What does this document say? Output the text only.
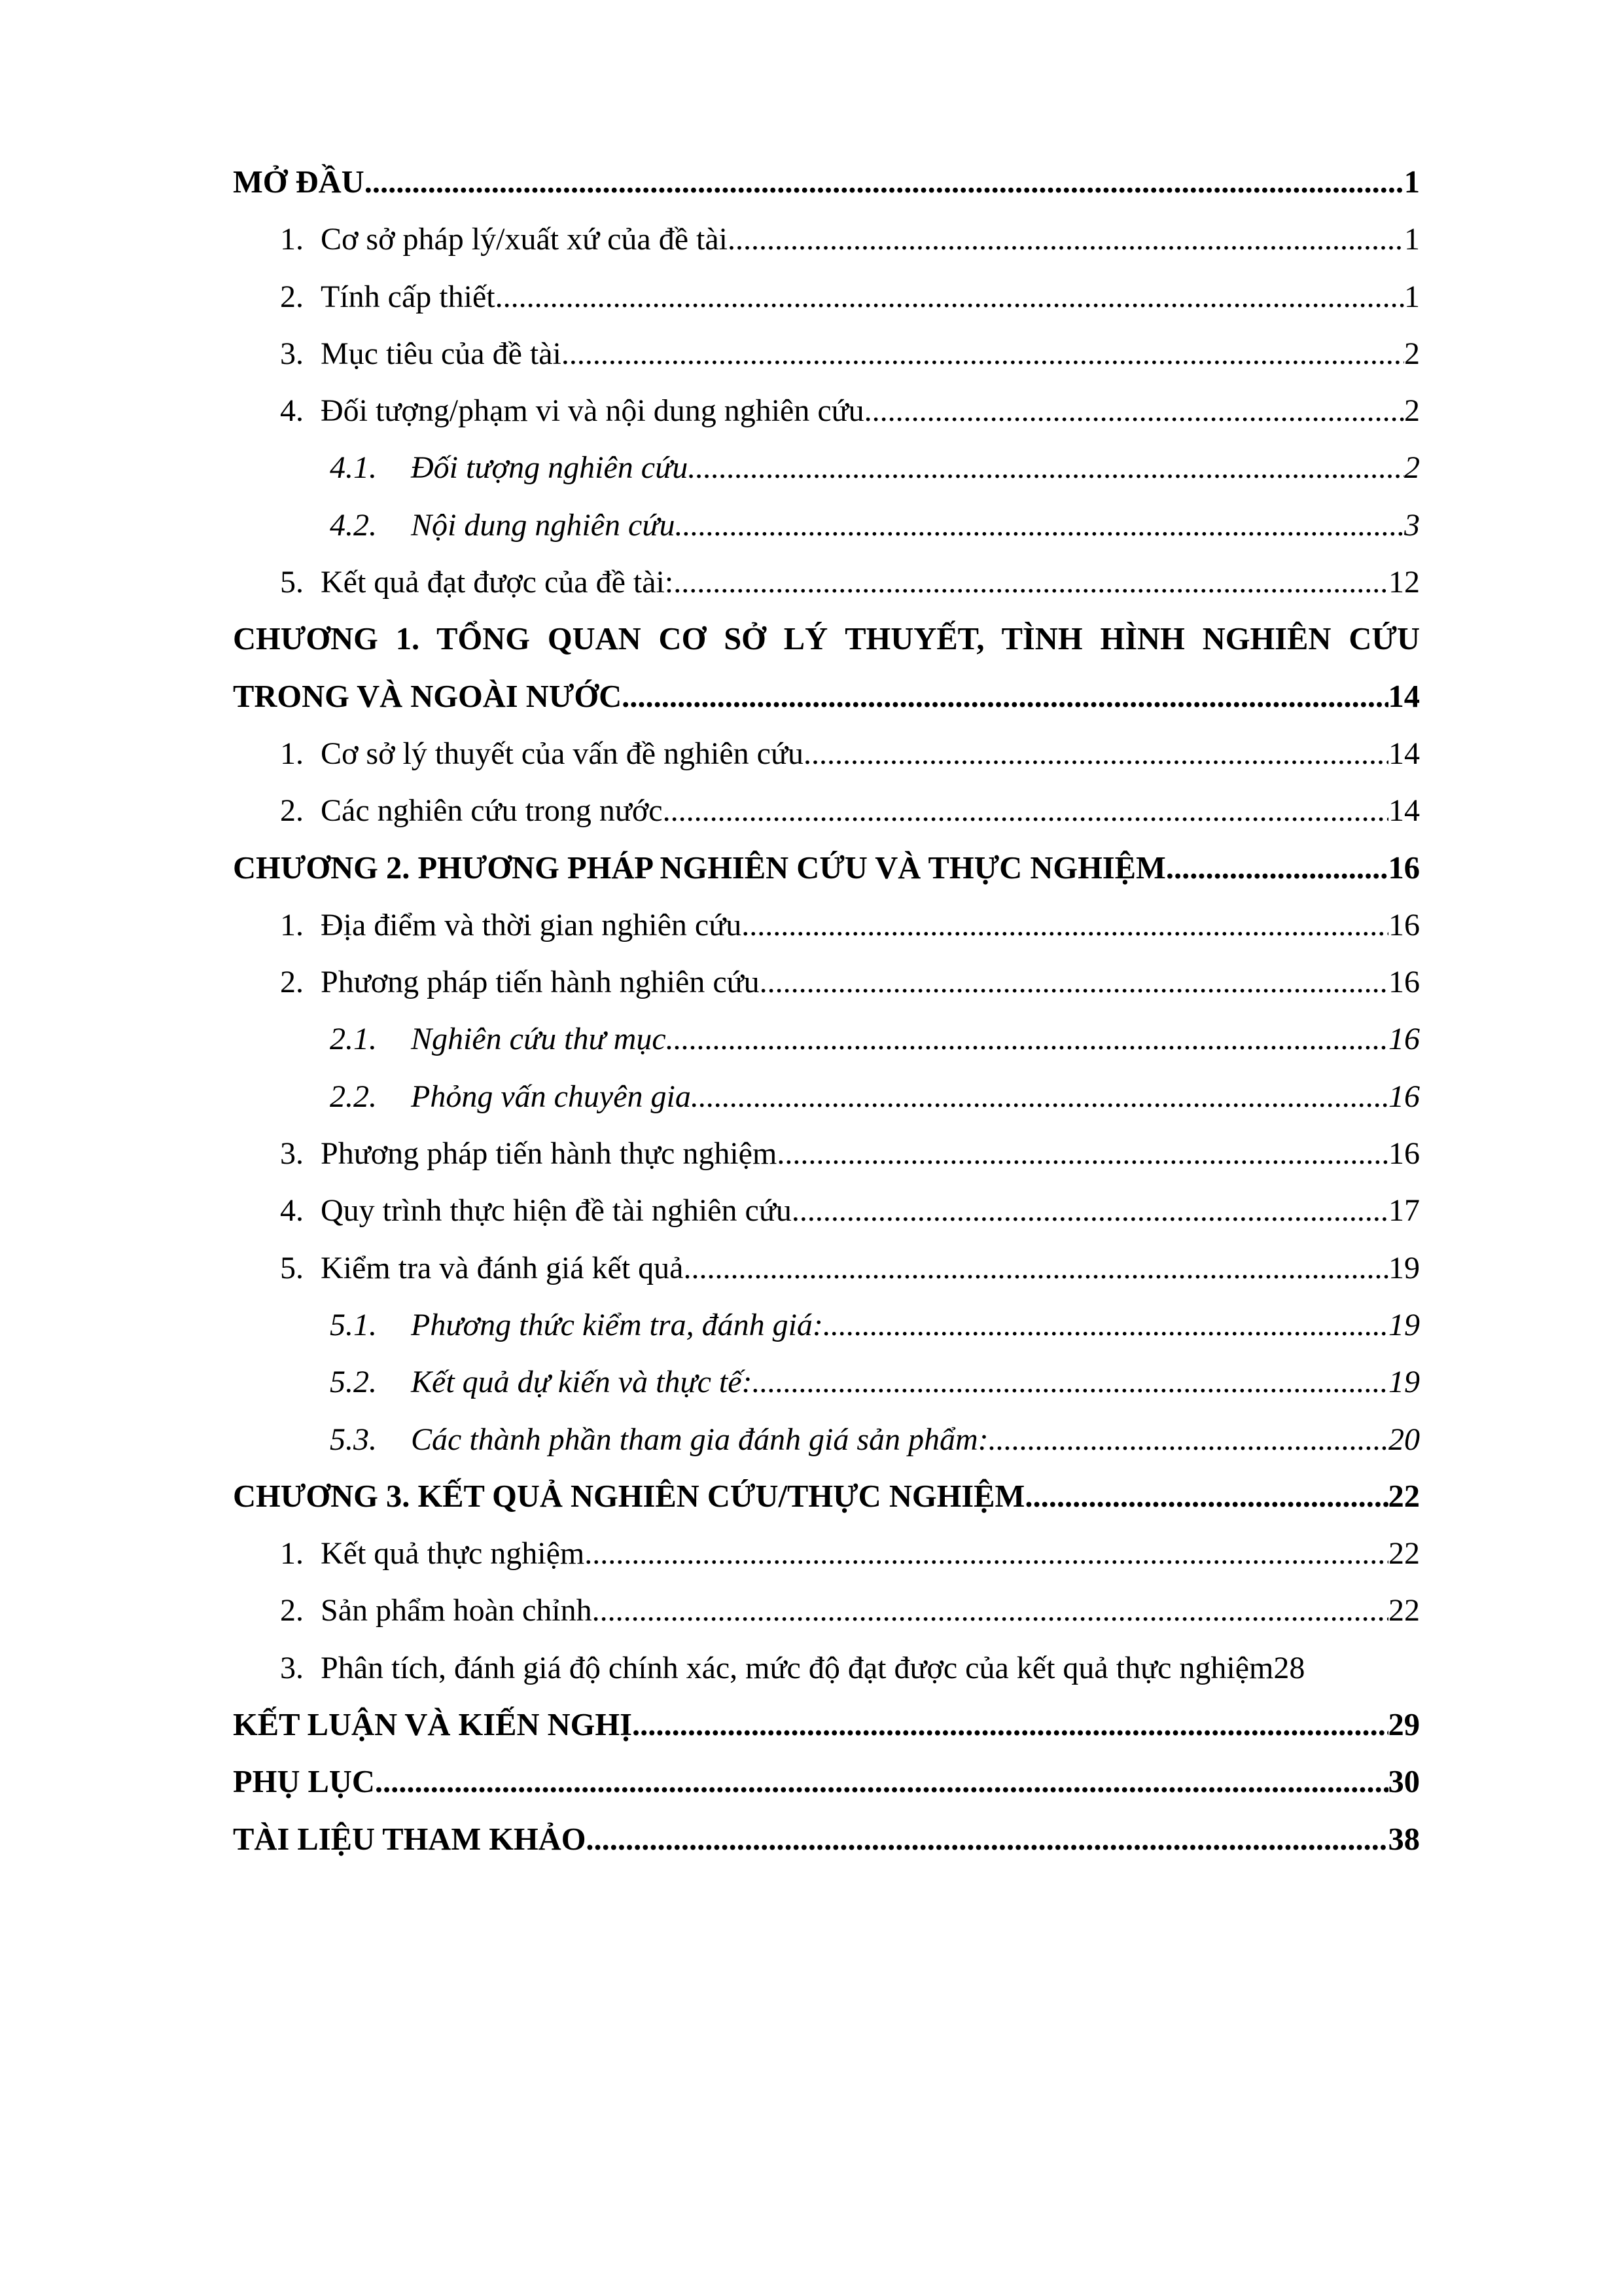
MỞ ĐẦU .....	1
1. Cơ sở pháp lý/xuất xứ của đề tài .....	1
2. Tính cấp thiết .....	1
3. Mục tiêu của đề tài .....	2
4. Đối tượng/phạm vi và nội dung nghiên cứu .....	2
4.1. Đối tượng nghiên cứu .....	2
4.2. Nội dung nghiên cứu .....	3
5. Kết quả đạt được của đề tài: .....	12
CHƯƠNG 1. TỔNG QUAN CƠ SỞ LÝ THUYẾT, TÌNH HÌNH NGHIÊN CỨU
TRONG VÀ NGOÀI NƯỚC .....	14
1. Cơ sở lý thuyết của vấn đề nghiên cứu .....	14
2. Các nghiên cứu trong nước .....	14
CHƯƠNG 2. PHƯƠNG PHÁP NGHIÊN CỨU VÀ THỰC NGHIỆM .....	16
1. Địa điểm và thời gian nghiên cứu .....	16
2. Phương pháp tiến hành nghiên cứu .....	16
2.1. Nghiên cứu thư mục .....	16
2.2. Phỏng vấn chuyên gia .....	16
3. Phương pháp tiến hành thực nghiệm .....	16
4. Quy trình thực hiện đề tài nghiên cứu .....	17
5. Kiểm tra và đánh giá kết quả .....	19
5.1. Phương thức kiểm tra, đánh giá: .....	19
5.2. Kết quả dự kiến và thực tế: .....	19
5.3. Các thành phần tham gia đánh giá sản phẩm: .....	20
CHƯƠNG 3. KẾT QUẢ NGHIÊN CỨU/THỰC NGHIỆM .....	22
1. Kết quả thực nghiệm .....	22
2. Sản phẩm hoàn chỉnh .....	22
3. Phân tích, đánh giá độ chính xác, mức độ đạt được của kết quả thực nghiệm 28
KẾT LUẬN VÀ KIẾN NGHỊ .....	29
PHỤ LỤC .....	30
TÀI LIỆU THAM KHẢO .....	38
